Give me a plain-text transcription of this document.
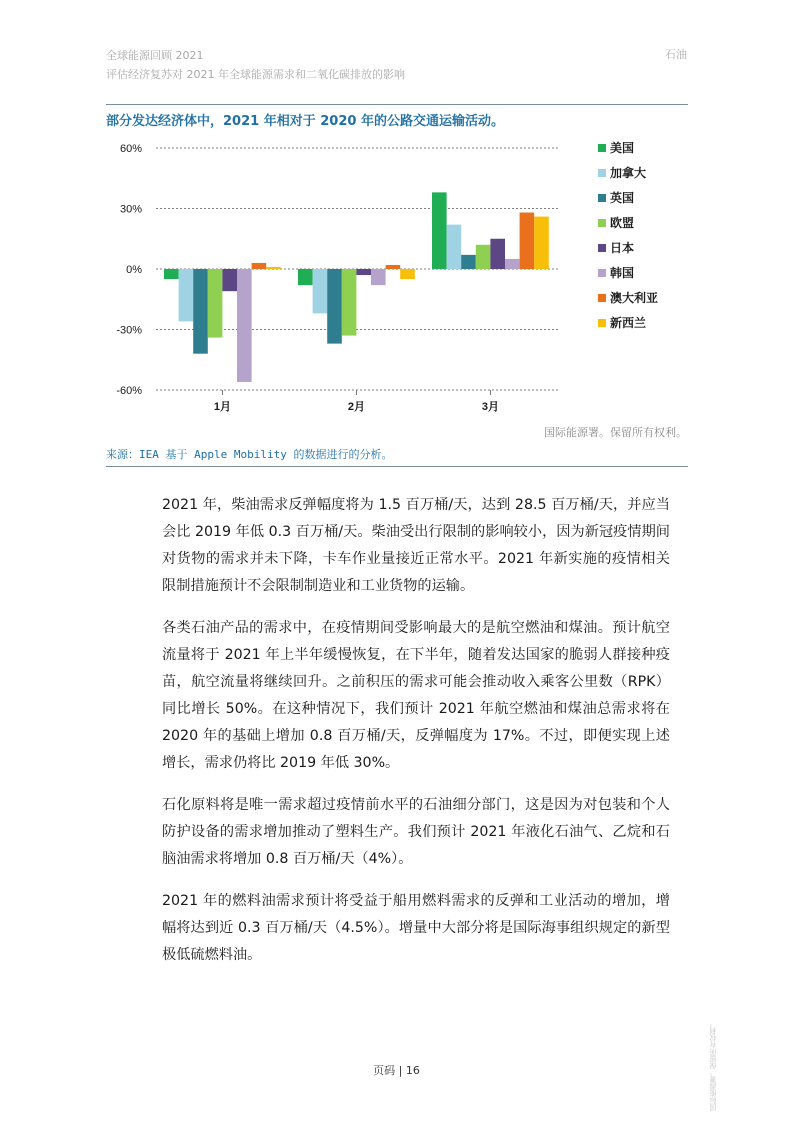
全球能源回顾 2021
评估经济复苏对 2021 年全球能源需求和二氧化碳排放的影响
石油
部分发达经济体中，2021 年相对于 2020 年的公路交通运输活动。
60%
30%
0%
-30%
-60%
1月	2月	3月
美国
加拿大
英国
欧盟
日本
韩国
澳大利亚
新西兰
国际能源署。保留所有权利。
来源：IEA 基于 Apple Mobility 的数据进行的分析。

2021 年，柴油需求反弹幅度将为 1.5 百万桶/天，达到 28.5 百万桶/天，并应当会比 2019 年低 0.3 百万桶/天。柴油受出行限制的影响较小，因为新冠疫情期间对货物的需求并未下降，卡车作业量接近正常水平。2021 年新实施的疫情相关限制措施预计不会限制制造业和工业货物的运输。

各类石油产品的需求中，在疫情期间受影响最大的是航空燃油和煤油。预计航空流量将于 2021 年上半年缓慢恢复，在下半年，随着发达国家的脆弱人群接种疫苗，航空流量将继续回升。之前积压的需求可能会推动收入乘客公里数（RPK）同比增长 50%。在这种情况下，我们预计 2021 年航空燃油和煤油总需求将在 2020 年的基础上增加 0.8 百万桶/天，反弹幅度为 17%。不过，即便实现上述增长，需求仍将比 2019 年低 30%。

石化原料将是唯一需求超过疫情前水平的石油细分部门，这是因为对包装和个人防护设备的需求增加推动了塑料生产。我们预计 2021 年液化石油气、乙烷和石脑油需求将增加 0.8 百万桶/天（4%）。

2021 年的燃料油需求预计将受益于船用燃料需求的反弹和工业活动的增加，增幅将达到近 0.3 百万桶/天（4.5%）。增量中大部分将是国际海事组织规定的新型极低硫燃料油。

页码 | 16	国际能源署。保留所有权利。
